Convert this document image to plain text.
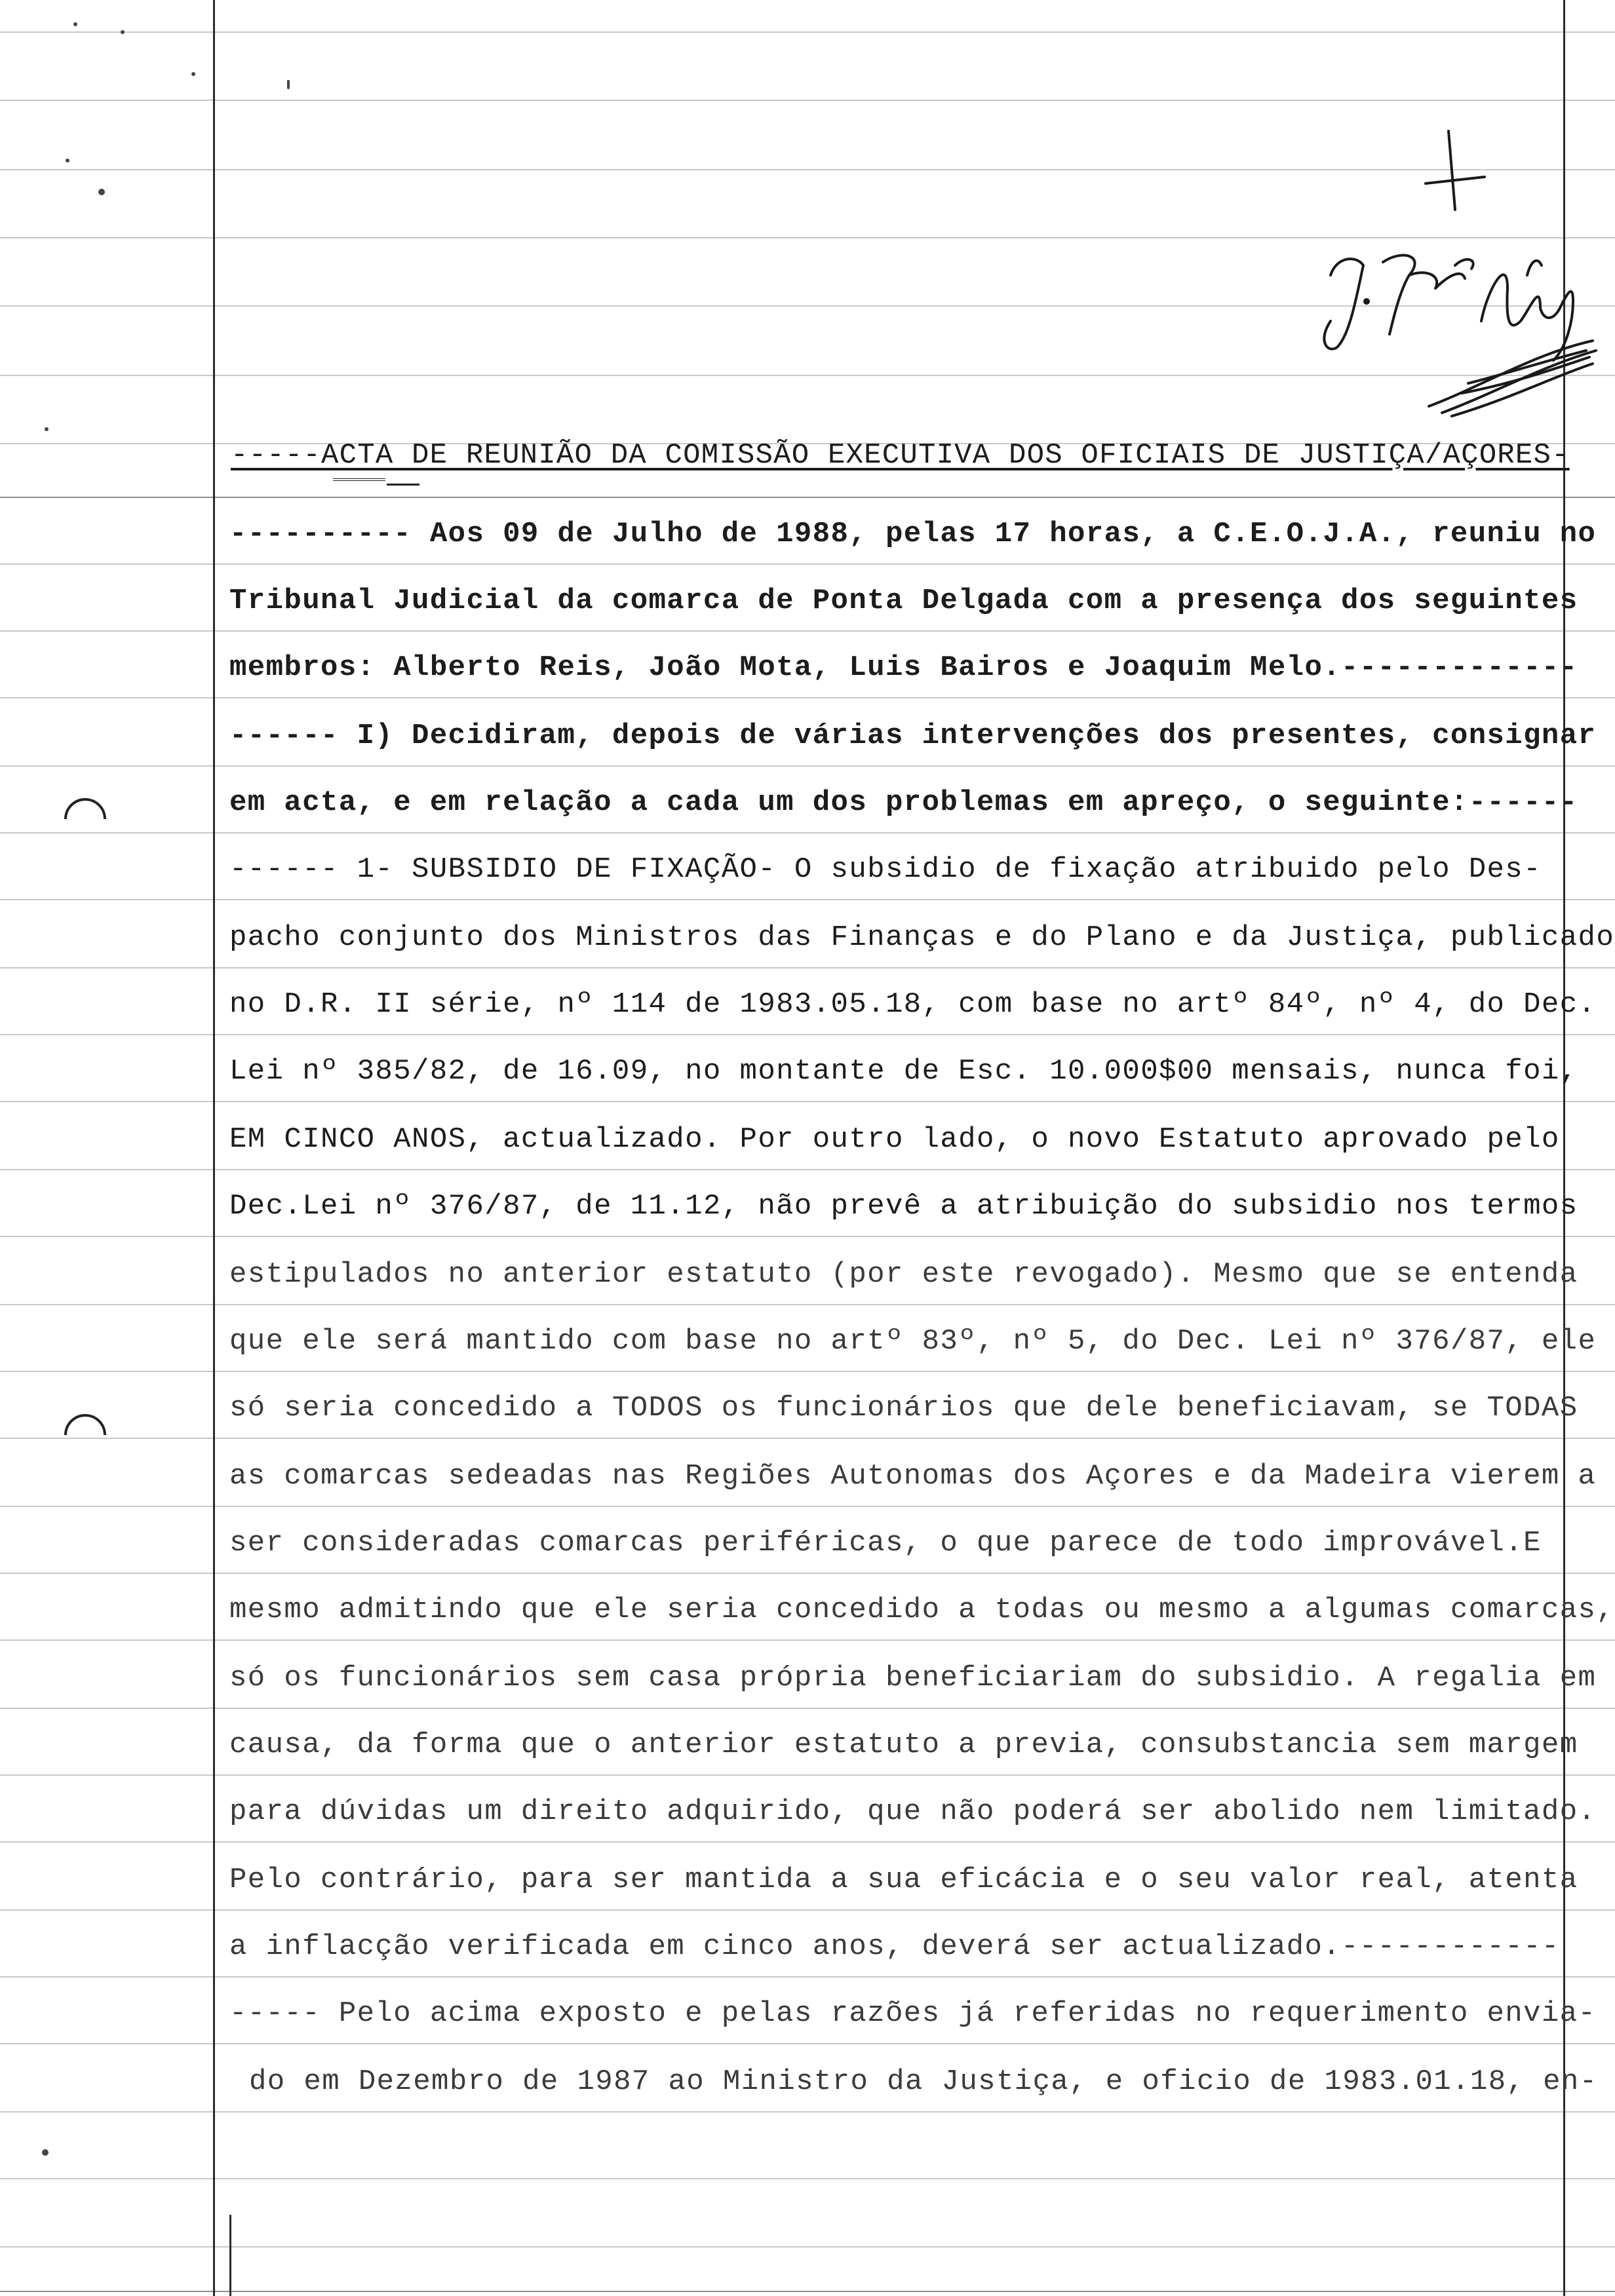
-----ACTA DE REUNIÃO DA COMISSÃO EXECUTIVA DOS OFICIAIS DE JUSTIÇA/AÇORES-
---------- Aos 09 de Julho de 1988, pelas 17 horas, a C.E.O.J.A., reuniu no
Tribunal Judicial da comarca de Ponta Delgada com a presença dos seguintes
membros: Alberto Reis, João Mota, Luis Bairos e Joaquim Melo.-------------
------ I) Decidiram, depois de várias intervenções dos presentes, consignar
em acta, e em relação a cada um dos problemas em apreço, o seguinte:------
------ 1- SUBSIDIO DE FIXAÇÃO- O subsidio de fixação atribuido pelo Des-
pacho conjunto dos Ministros das Finanças e do Plano e da Justiça, publicado
no D.R. II série, nº 114 de 1983.05.18, com base no artº 84º, nº 4, do Dec.
Lei nº 385/82, de 16.09, no montante de Esc. 10.000$00 mensais, nunca foi,
EM CINCO ANOS, actualizado. Por outro lado, o novo Estatuto aprovado pelo
Dec.Lei nº 376/87, de 11.12, não prevê a atribuição do subsidio nos termos
estipulados no anterior estatuto (por este revogado). Mesmo que se entenda
que ele será mantido com base no artº 83º, nº 5, do Dec. Lei nº 376/87, ele
só seria concedido a TODOS os funcionários que dele beneficiavam, se TODAS
as comarcas sedeadas nas Regiões Autonomas dos Açores e da Madeira vierem a
ser consideradas comarcas periféricas, o que parece de todo improvável.E
mesmo admitindo que ele seria concedido a todas ou mesmo a algumas comarcas,
só os funcionários sem casa própria beneficiariam do subsidio. A regalia em
causa, da forma que o anterior estatuto a previa, consubstancia sem margem
para dúvidas um direito adquirido, que não poderá ser abolido nem limitado.
Pelo contrário, para ser mantida a sua eficácia e o seu valor real, atenta
a inflacção verificada em cinco anos, deverá ser actualizado.------------
----- Pelo acima exposto e pelas razões já referidas no requerimento envia-
do em Dezembro de 1987 ao Ministro da Justiça, e oficio de 1983.01.18, en-
